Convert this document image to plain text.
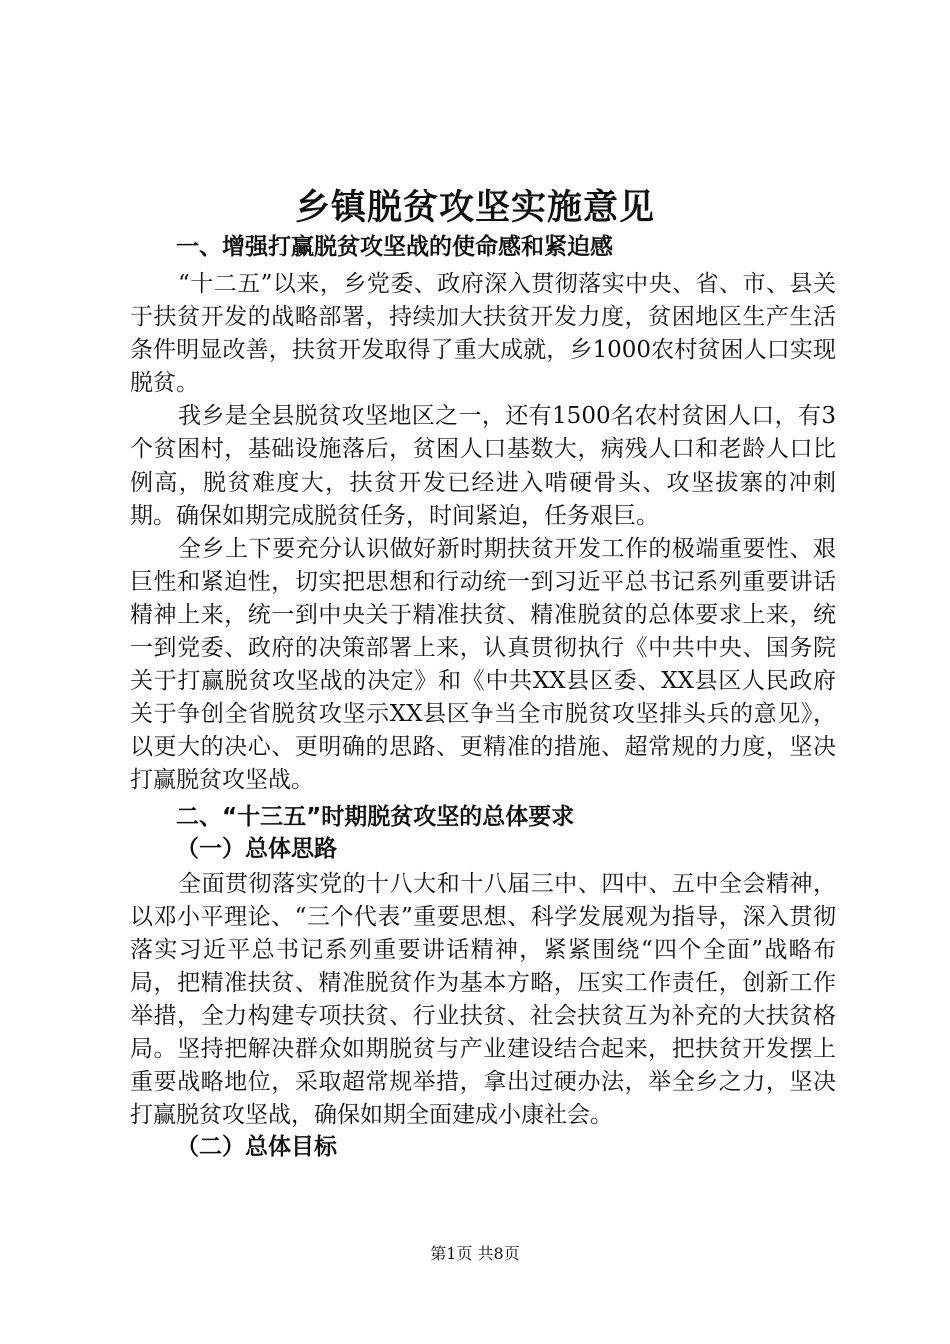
乡镇脱贫攻坚实施意见
一、增强打赢脱贫攻坚战的使命感和紧迫感

“十二五”以来，乡党委、政府深入贯彻落实中央、省、市、县关于扶贫开发的战略部署，持续加大扶贫开发力度，贫困地区生产生活条件明显改善，扶贫开发取得了重大成就，乡1000农村贫困人口实现脱贫。

我乡是全县脱贫攻坚地区之一，还有1500名农村贫困人口，有3个贫困村，基础设施落后，贫困人口基数大，病残人口和老龄人口比例高，脱贫难度大，扶贫开发已经进入啃硬骨头、攻坚拔寨的冲刺期。确保如期完成脱贫任务，时间紧迫，任务艰巨。

全乡上下要充分认识做好新时期扶贫开发工作的极端重要性、艰巨性和紧迫性，切实把思想和行动统一到习近平总书记系列重要讲话精神上来，统一到中央关于精准扶贫、精准脱贫的总体要求上来，统一到党委、政府的决策部署上来，认真贯彻执行《中共中央、国务院关于打赢脱贫攻坚战的决定》和《中共XX县区委、XX县区人民政府关于争创全省脱贫攻坚示XX县区争当全市脱贫攻坚排头兵的意见》，以更大的决心、更明确的思路、更精准的措施、超常规的力度，坚决打赢脱贫攻坚战。

二、“十三五”时期脱贫攻坚的总体要求
（一）总体思路

全面贯彻落实党的十八大和十八届三中、四中、五中全会精神，以邓小平理论、“三个代表”重要思想、科学发展观为指导，深入贯彻落实习近平总书记系列重要讲话精神，紧紧围绕“四个全面”战略布局，把精准扶贫、精准脱贫作为基本方略，压实工作责任，创新工作举措，全力构建专项扶贫、行业扶贫、社会扶贫互为补充的大扶贫格局。坚持把解决群众如期脱贫与产业建设结合起来，把扶贫开发摆上重要战略地位，采取超常规举措，拿出过硬办法，举全乡之力，坚决打赢脱贫攻坚战，确保如期全面建成小康社会。

（二）总体目标
第1页 共8页
